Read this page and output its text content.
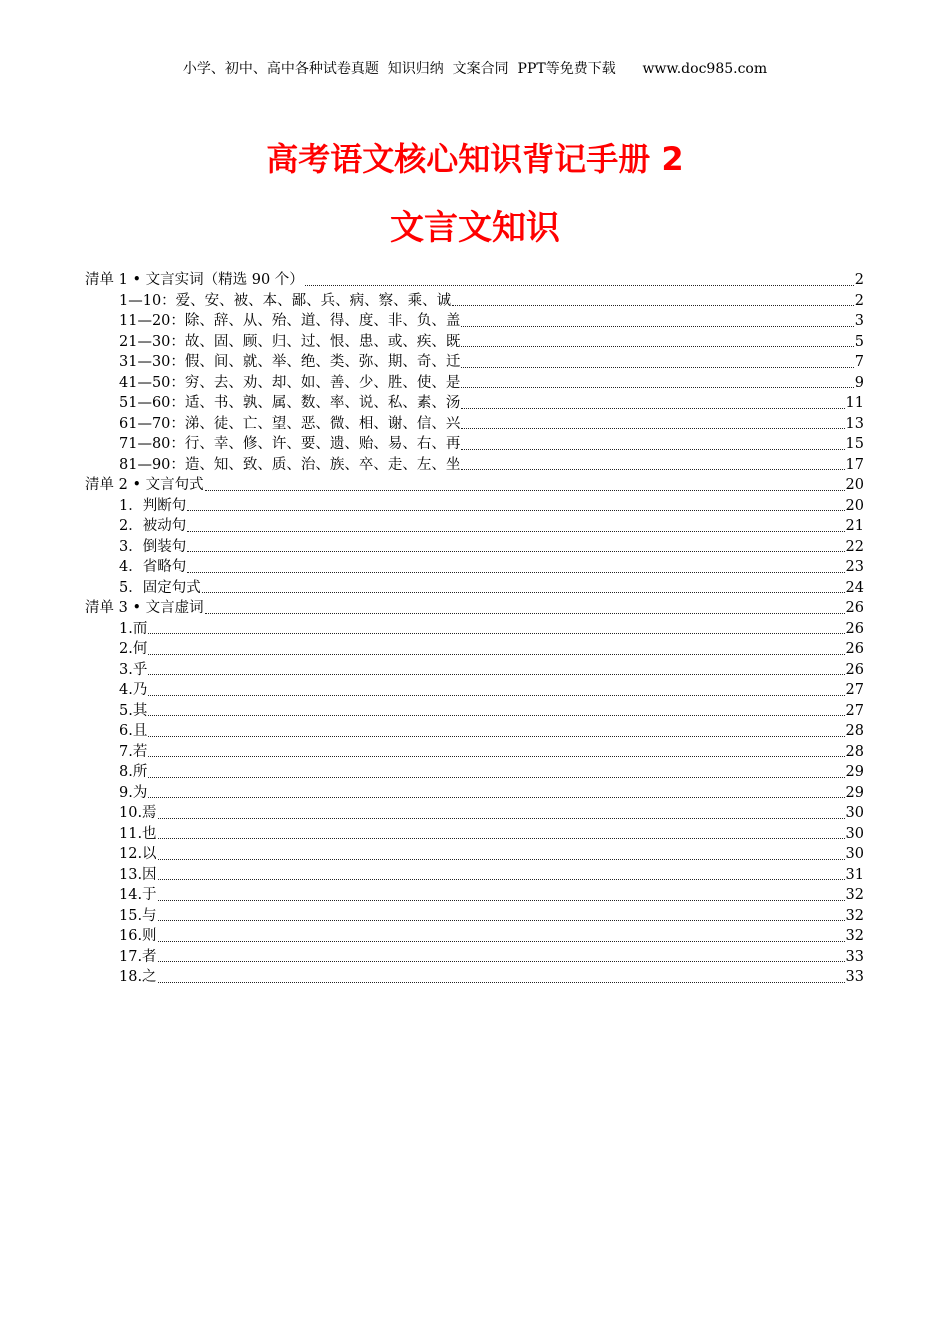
小学、初中、高中各种试卷真题  知识归纳  文案合同  PPT等免费下载      www.doc985.com
高考语文核心知识背记手册 2
文言文知识
清单 1 • 文言实词（精选 90 个）	2
1—10：爱、安、被、本、鄙、兵、病、察、乘、诚	2
11—20：除、辞、从、殆、道、得、度、非、负、盖	3
21—30：故、固、顾、归、过、恨、患、或、疾、既	5
31—30：假、间、就、举、绝、类、弥、期、奇、迁	7
41—50：穷、去、劝、却、如、善、少、胜、使、是	9
51—60：适、书、孰、属、数、率、说、私、素、汤	11
61—70：涕、徒、亡、望、恶、微、相、谢、信、兴	13
71—80：行、幸、修、许、要、遗、贻、易、右、再	15
81—90：造、知、致、质、治、族、卒、走、左、坐	17
清单 2 • 文言句式	20
1．判断句	20
2．被动句	21
3．倒装句	22
4．省略句	23
5．固定句式	24
清单 3 • 文言虚词	26
1.而	26
2.何	26
3.乎	26
4.乃	27
5.其	27
6.且	28
7.若	28
8.所	29
9.为	29
10.焉	30
11.也	30
12.以	30
13.因	31
14.于	32
15.与	32
16.则	32
17.者	33
18.之	33
